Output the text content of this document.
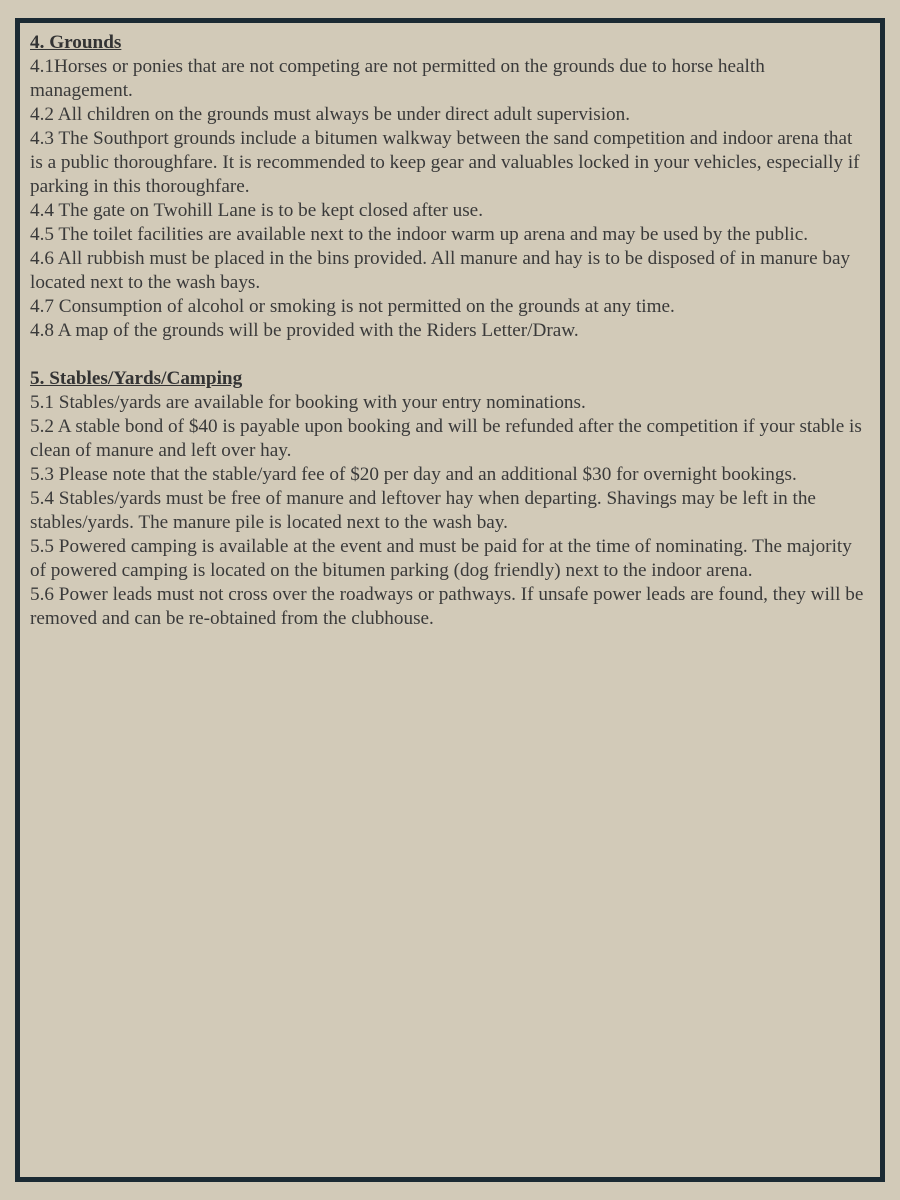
4. Grounds
4.1Horses or ponies that are not competing are not permitted on the grounds due to horse health management.
4.2 All children on the grounds must always be under direct adult supervision.
4.3 The Southport grounds include a bitumen walkway between the sand competition and indoor arena that is a public thoroughfare. It is recommended to keep gear and valuables locked in your vehicles, especially if parking in this thoroughfare.
4.4 The gate on Twohill Lane is to be kept closed after use.
4.5 The toilet facilities are available next to the indoor warm up arena and may be used by the public.
4.6 All rubbish must be placed in the bins provided. All manure and hay is to be disposed of in manure bay located next to the wash bays.
4.7 Consumption of alcohol or smoking is not permitted on the grounds at any time.
4.8 A map of the grounds will be provided with the Riders Letter/Draw.
5. Stables/Yards/Camping
5.1 Stables/yards are available for booking with your entry nominations.
5.2 A stable bond of $40 is payable upon booking and will be refunded after the competition if your stable is clean of manure and left over hay.
5.3 Please note that the stable/yard fee of $20 per day and an additional $30 for overnight bookings.
5.4 Stables/yards must be free of manure and leftover hay when departing. Shavings may be left in the stables/yards. The manure pile is located next to the wash bay.
5.5 Powered camping is available at the event and must be paid for at the time of nominating. The majority of powered camping is located on the bitumen parking (dog friendly) next to the indoor arena.
5.6 Power leads must not cross over the roadways or pathways. If unsafe power leads are found, they will be removed and can be re-obtained from the clubhouse.
